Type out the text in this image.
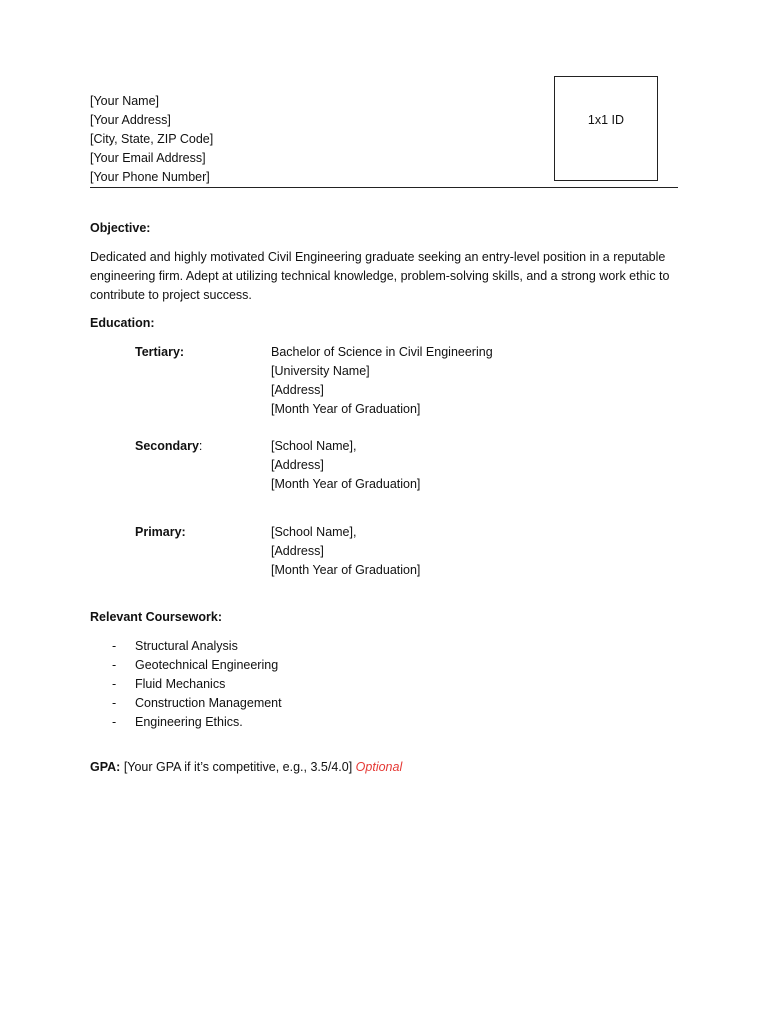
[Your Name]
[Your Address]
[City, State, ZIP Code]
[Your Email Address]
[Your Phone Number]
1x1 ID
Objective:
Dedicated and highly motivated Civil Engineering graduate seeking an entry-level position in a reputable engineering firm. Adept at utilizing technical knowledge, problem-solving skills, and a strong work ethic to contribute to project success.
Education:
Tertiary:	Bachelor of Science in Civil Engineering
[University Name]
[Address]
[Month Year of Graduation]
Secondary:	[School Name],
[Address]
[Month Year of Graduation]
Primary:	[School Name],
[Address]
[Month Year of Graduation]
Relevant Coursework:
- Structural Analysis
- Geotechnical Engineering
- Fluid Mechanics
- Construction Management
- Engineering Ethics.
GPA: [Your GPA if it’s competitive, e.g., 3.5/4.0] Optional
